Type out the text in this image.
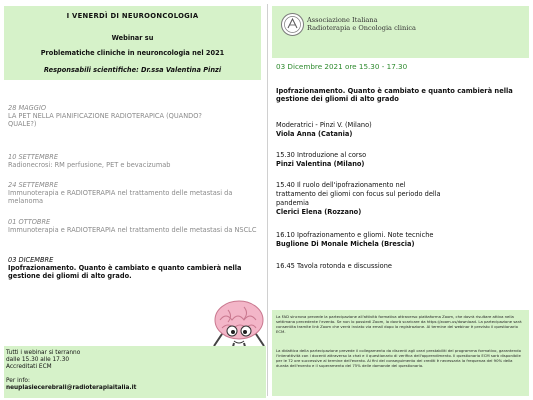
I VENERDÌ DI NEUROONCOLOGIA
Webinar su
Problematiche cliniche in neuroncologia nel 2021
Responsabili scientifiche: Dr.ssa Valentina Pinzi
28 MAGGIO
LA PET NELLA PIANIFICAZIONE RADIOTERAPICA (QUANDO? QUALE?)
10 SETTEMBRE
Radionecrosi: RM perfusione, PET e bevacizumab
24 SETTEMBRE
Immunoterapia e RADIOTERAPIA nel trattamento delle metastasi da melanoma
01 OTTOBRE
Immunoterapia e RADIOTERAPIA nel trattamento delle metastasi da NSCLC
03 DICEMBRE
Ipofrazionamento. Quanto è cambiato e quanto cambierà nella gestione dei gliomi di alto grado.
Tutti i webinar si terranno
dalle 15.30 alle 17.30
Accreditati ECM
Per info:
neuplasiecerebrali@radioterapiaitalia.it
Associazione Italiana
Radioterapia e Oncologia clinica
03 Dicembre 2021 ore 15.30 - 17.30
Ipofrazionamento. Quanto è cambiato e quanto cambierà nella gestione dei gliomi di alto grado
Moderatrici - Pinzi V. (Milano)
Viola Anna (Catania)
15.30 Introduzione al corso
Pinzi Valentina (Milano)
15.40 Il ruolo dell'ipofrazionamento nel
trattamento dei gliomi con focus sul periodo della
pandemia
Clerici Elena (Rozzano)
16.10 Ipofrazionamento e gliomi. Note tecniche
Buglione Di Monale Michela (Brescia)
16.45 Tavola rotonda e discussione
La FAD sincrona prevede la partecipazione all'attività formativa attraverso piattaforma Zoom, che dovrà risultare attiva nella settimana precedente l'evento. Se non lo possiedi Zoom, lo dovrà scaricare da https://zoom.us/download. La partecipazione sarà consentita tramite link Zoom che verrà inviato via email dopo la registrazione. Al termine del webinar è previsto il questionario ECM.
La didattica della partecipazione prevede il collegamento da discenti agli orari prestabiliti del programma formativo, garantendo l'interattività con i docenti attraverso la chat e il questionario di verifica dell'apprendimento. Il questionario ECM sarà disponibile per le 72 ore successive al termine dell'evento. Ai fini del conseguimento dei crediti è necessaria la frequenza del 90% della durata dell'evento e il superamento del 75% delle domande del questionario.
